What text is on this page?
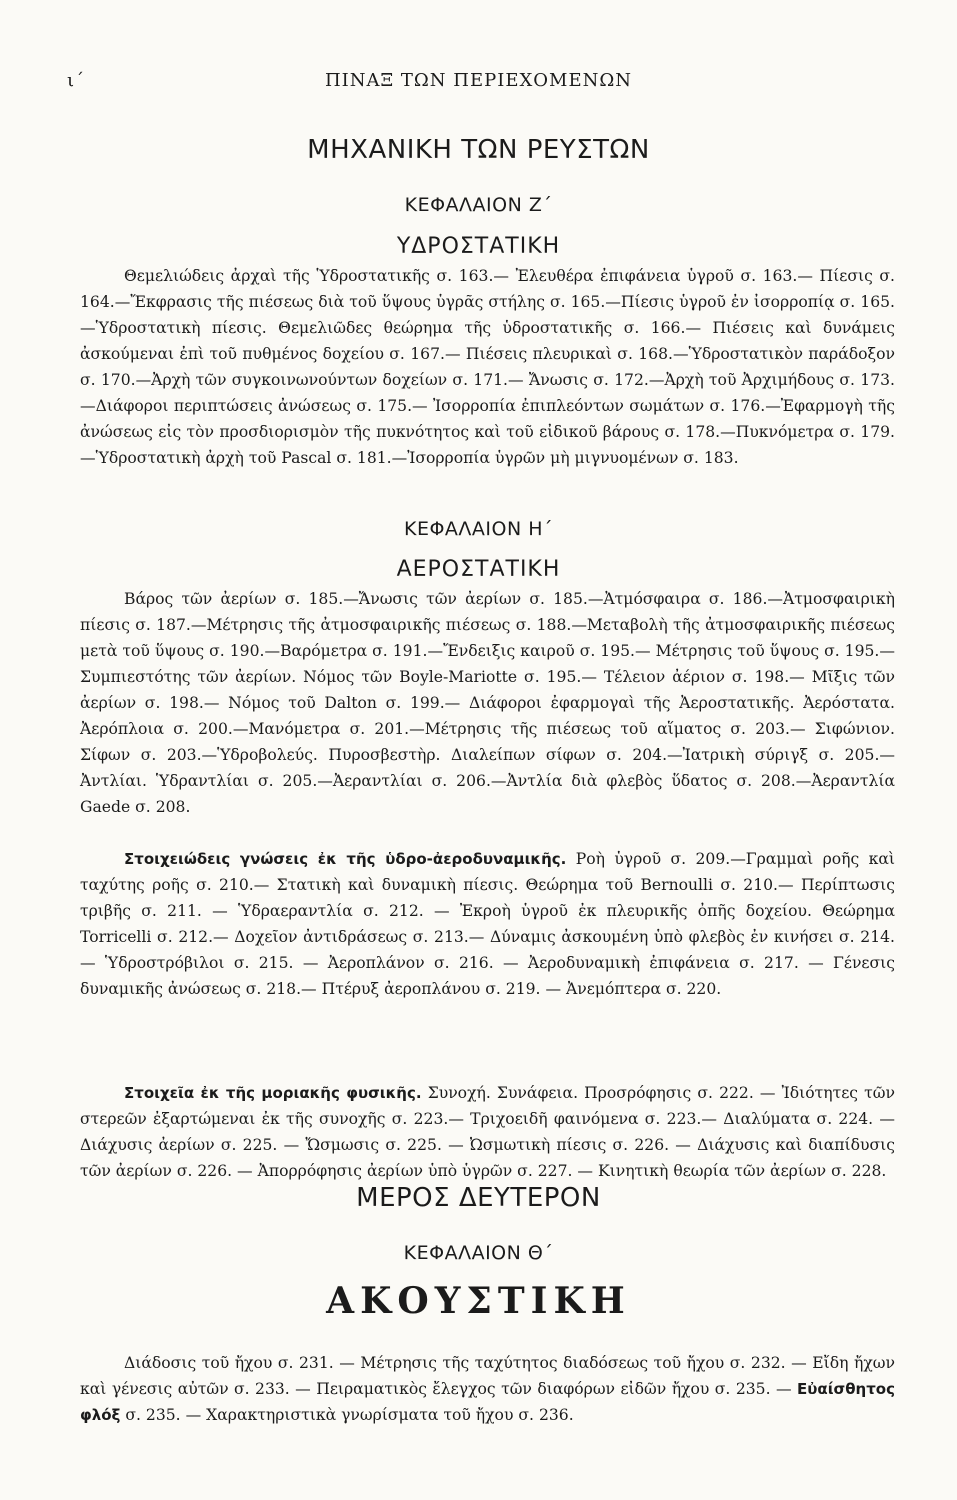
ι΄	ΠΙΝΑΞ ΤΩΝ ΠΕΡΙΕΧΟΜΕΝΩΝ
ΜΗΧΑΝΙΚΗ ΤΩΝ ΡΕΥΣΤΩΝ
ΚΕΦΑΛΑΙΟΝ Ζ΄
ΥΔΡΟΣΤΑΤΙΚΗ
Θεμελιώδεις ἀρχαὶ τῆς Ὑδροστατικῆς σ. 163.— Ἐλευθέρα ἐπιφάνεια ὑγροῦ σ. 163.— Πίεσις σ. 164.—Ἔκφρασις τῆς πιέσεως διὰ τοῦ ὕψους ὑγρᾶς στήλης σ. 165.—Πίεσις ὑγροῦ ἐν ἰσορροπίᾳ σ. 165.—Ὑδροστατικὴ πίεσις. Θεμελιῶδες θεώρημα τῆς ὑδροστατικῆς σ. 166.— Πιέσεις καὶ δυνάμεις ἀσκούμεναι ἐπὶ τοῦ πυθμένος δοχείου σ. 167.— Πιέσεις πλευρικαὶ σ. 168.—Ὑδροστατικὸν παράδοξον σ. 170.—Ἀρχὴ τῶν συγκοινωνούντων δοχείων σ. 171.— Ἄνωσις σ. 172.—Ἀρχὴ τοῦ Ἀρχιμήδους σ. 173.—Διάφοροι περιπτώσεις ἀνώσεως σ. 175.— Ἰσορροπία ἐπιπλεόντων σωμάτων σ. 176.—Ἐφαρμογὴ τῆς ἀνώσεως εἰς τὸν προσδιορισμὸν τῆς πυκνότητος καὶ τοῦ εἰδικοῦ βάρους σ. 178.—Πυκνόμετρα σ. 179.—Ὑδροστατικὴ ἀρχὴ τοῦ Pascal σ. 181.—Ἰσορροπία ὑγρῶν μὴ μιγνυομένων σ. 183.
ΚΕΦΑΛΑΙΟΝ Η΄
ΑΕΡΟΣΤΑΤΙΚΗ
Βάρος τῶν ἀερίων σ. 185.—Ἄνωσις τῶν ἀερίων σ. 185.—Ἀτμόσφαιρα σ. 186.—Ἀτμοσφαιρικὴ πίεσις σ. 187.—Μέτρησις τῆς ἀτμοσφαιρικῆς πιέσεως σ. 188.—Μεταβολὴ τῆς ἀτμοσφαιρικῆς πιέσεως μετὰ τοῦ ὕψους σ. 190.—Βαρόμετρα σ. 191.—Ἔνδειξις καιροῦ σ. 195.— Μέτρησις τοῦ ὕψους σ. 195.—Συμπιεστότης τῶν ἀερίων. Νόμος τῶν Boyle-Mariotte σ. 195.— Τέλειον ἀέριον σ. 198.— Μῖξις τῶν ἀερίων σ. 198.— Νόμος τοῦ Dalton σ. 199.— Διάφοροι ἐφαρμογαὶ τῆς Ἀεροστατικῆς. Ἀερόστατα. Ἀερόπλοια σ. 200.—Μανόμετρα σ. 201.—Μέτρησις τῆς πιέσεως τοῦ αἵματος σ. 203.— Σιφώνιον. Σίφων σ. 203.—Ὑδροβολεύς. Πυροσβεστὴρ. Διαλείπων σίφων σ. 204.—Ἰατρικὴ σύριγξ σ. 205.—Ἀντλίαι. Ὑδραντλίαι σ. 205.—Ἀεραντλίαι σ. 206.—Ἀντλία διὰ φλεβὸς ὕδατος σ. 208.—Ἀεραντλία Gaede σ. 208.
Στοιχειώδεις γνώσεις ἐκ τῆς ὑδρο-ἀεροδυναμικῆς. Ροὴ ὑγροῦ σ. 209.—Γραμμαὶ ροῆς καὶ ταχύτης ροῆς σ. 210.— Στατικὴ καὶ δυναμικὴ πίεσις. Θεώρημα τοῦ Bernoulli σ. 210.— Περίπτωσις τριβῆς σ. 211. — Ὑδραεραντλία σ. 212. — Ἐκροὴ ὑγροῦ ἐκ πλευρικῆς ὀπῆς δοχείου. Θεώρημα Torricelli σ. 212.— Δοχεῖον ἀντιδράσεως σ. 213.— Δύναμις ἀσκουμένη ὑπὸ φλεβὸς ἐν κινήσει σ. 214. — Ὑδροστρόβιλοι σ. 215. — Ἀεροπλάνον σ. 216. — Ἀεροδυναμικὴ ἐπιφάνεια σ. 217. — Γένεσις δυναμικῆς ἀνώσεως σ. 218.— Πτέρυξ ἀεροπλάνου σ. 219. — Ἀνεμόπτερα σ. 220.
Στοιχεῖα ἐκ τῆς μοριακῆς φυσικῆς. Συνοχή. Συνάφεια. Προσρόφησις σ. 222. — Ἰδιότητες τῶν στερεῶν ἐξαρτώμεναι ἐκ τῆς συνοχῆς σ. 223.— Τριχοειδῆ φαινόμενα σ. 223.— Διαλύματα σ. 224. — Διάχυσις ἀερίων σ. 225. — Ὤσμωσις σ. 225. — Ὠσμωτικὴ πίεσις σ. 226. — Διάχυσις καὶ διαπίδυσις τῶν ἀερίων σ. 226. — Ἀπορρόφησις ἀερίων ὑπὸ ὑγρῶν σ. 227. — Κινητικὴ θεωρία τῶν ἀερίων σ. 228.
ΜΕΡΟΣ ΔΕΥΤΕΡΟΝ
ΚΕΦΑΛΑΙΟΝ Θ΄
ΑΚΟΥΣΤΙΚΗ
Διάδοσις τοῦ ἤχου σ. 231. — Μέτρησις τῆς ταχύτητος διαδόσεως τοῦ ἤχου σ. 232. — Εἴδη ἤχων καὶ γένεσις αὐτῶν σ. 233. — Πειραματικὸς ἔλεγχος τῶν διαφόρων εἰδῶν ἤχου σ. 235. — Εὐαίσθητος φλόξ σ. 235. — Χαρακτηριστικὰ γνωρίσματα τοῦ ἤχου σ. 236.
